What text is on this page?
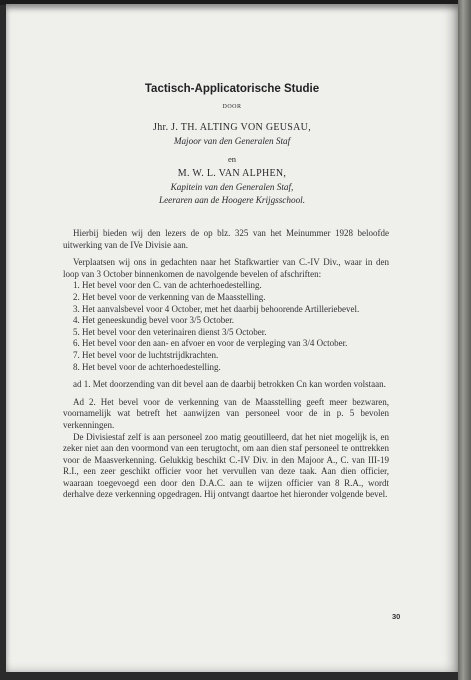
Tactisch-Applicatorische Studie
DOOR
Jhr. J. TH. ALTING VON GEUSAU,
Majoor van den Generalen Staf
en
M. W. L. VAN ALPHEN,
Kapitein van den Generalen Staf,
Leeraren aan de Hoogere Krijgsschool.

Hierbij bieden wij den lezers de op blz. 325 van het Meinummer 1928 beloofde uitwerking van de IVe Divisie aan.

Verplaatsen wij ons in gedachten naar het Stafkwartier van C.-IV Div., waar in den loop van 3 October binnenkomen de navolgende bevelen of afschriften:

1. Het bevel voor den C. van de achterhoedestelling.

2. Het bevel voor de verkenning van de Maasstelling.

3. Het aanvalsbevel voor 4 October, met het daarbij behoorende Artilleriebevel.

4. Het geneeskundig bevel voor 3/5 October.

5. Het bevel voor den veterinairen dienst 3/5 October.

6. Het bevel voor den aan- en afvoer en voor de verpleging van 3/4 October.

7. Het bevel voor de luchtstrijdkrachten.

8. Het bevel voor de achterhoedestelling.

ad 1. Met doorzending van dit bevel aan de daarbij betrokken Cn kan worden volstaan.

Ad 2. Het bevel voor de verkenning van de Maasstelling geeft meer bezwaren, voornamelijk wat betreft het aanwijzen van personeel voor de in p. 5 bevolen verkenningen.

De Divisiestaf zelf is aan personeel zoo matig geoutilleerd, dat het niet mogelijk is, en zeker niet aan den voormond van een terugtocht, om aan dien staf personeel te onttrekken voor de Maasverkenning. Gelukkig beschikt C.-IV Div. in den Majoor A., C. van III-19 R.I., een zeer geschikt officier voor het vervullen van deze taak. Aan dien officier, waaraan toegevoegd een door den D.A.C. aan te wijzen officier van 8 R.A., wordt derhalve deze verkenning opgedragen. Hij ontvangt daartoe het hieronder volgende bevel.

30
